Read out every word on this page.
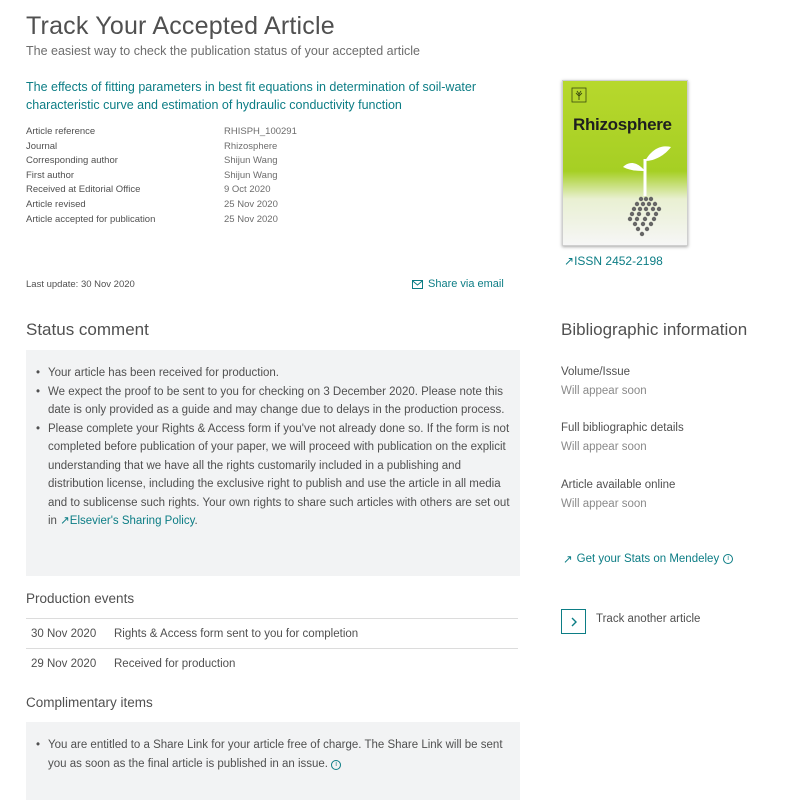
Track Your Accepted Article
The easiest way to check the publication status of your accepted article
The effects of fitting parameters in best fit equations in determination of soil-water characteristic curve and estimation of hydraulic conductivity function
Article reference	RHISPH_100291
Journal	Rhizosphere
Corresponding author	Shijun Wang
First author	Shijun Wang
Received at Editorial Office	9 Oct 2020
Article revised	25 Nov 2020
Article accepted for publication	25 Nov 2020
Last update: 30 Nov 2020	Share via email
Rhizosphere
↗ISSN 2452-2198
Status comment
• Your article has been received for production.
• We expect the proof to be sent to you for checking on 3 December 2020. Please note this date is only provided as a guide and may change due to delays in the production process.
• Please complete your Rights & Access form if you've not already done so. If the form is not completed before publication of your paper, we will proceed with publication on the explicit understanding that we have all the rights customarily included in a publishing and distribution license, including the exclusive right to publish and use the article in all media and to sublicense such rights. Your own rights to share such articles with others are set out in ↗Elsevier's Sharing Policy.
Production events
30 Nov 2020	Rights & Access form sent to you for completion
29 Nov 2020	Received for production
Complimentary items
• You are entitled to a Share Link for your article free of charge. The Share Link will be sent you as soon as the final article is published in an issue. i
Bibliographic information
Volume/Issue
Will appear soon
Full bibliographic details
Will appear soon
Article available online
Will appear soon
↗ Get your Stats on Mendeley	i
Track another article
